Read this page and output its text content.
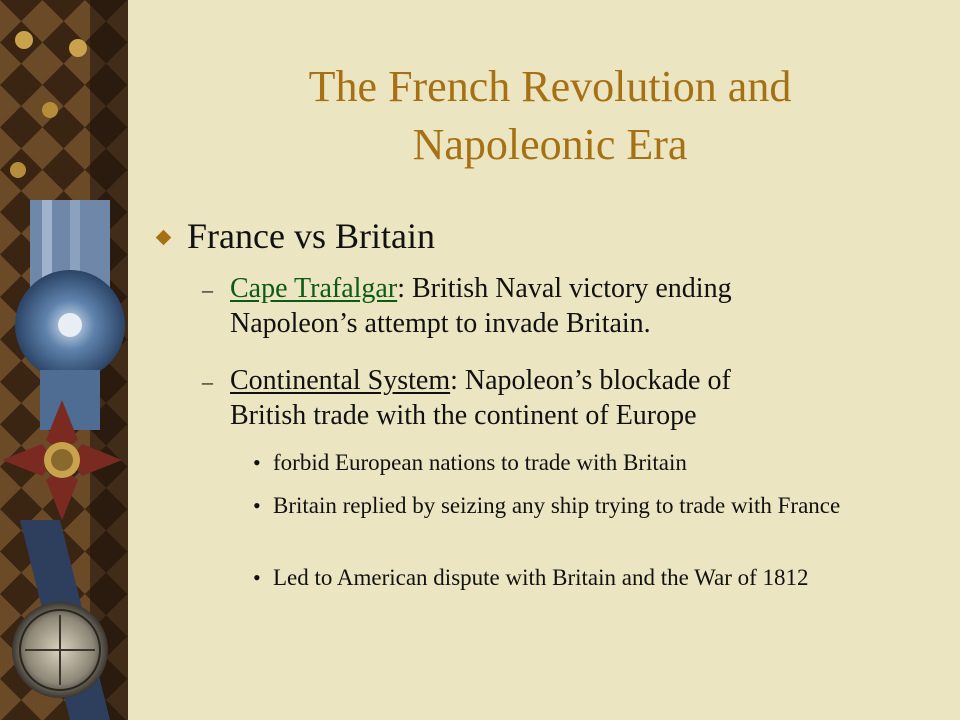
The French Revolution and
Napoleonic Era
France vs Britain
– Cape Trafalgar: British Naval victory ending
Napoleon’s attempt to invade Britain.
– Continental System: Napoleon’s blockade of
British trade with the continent of Europe
• forbid European nations to trade with Britain
• Britain replied by seizing any ship trying to trade with France
• Led to American dispute with Britain and the War of 1812
